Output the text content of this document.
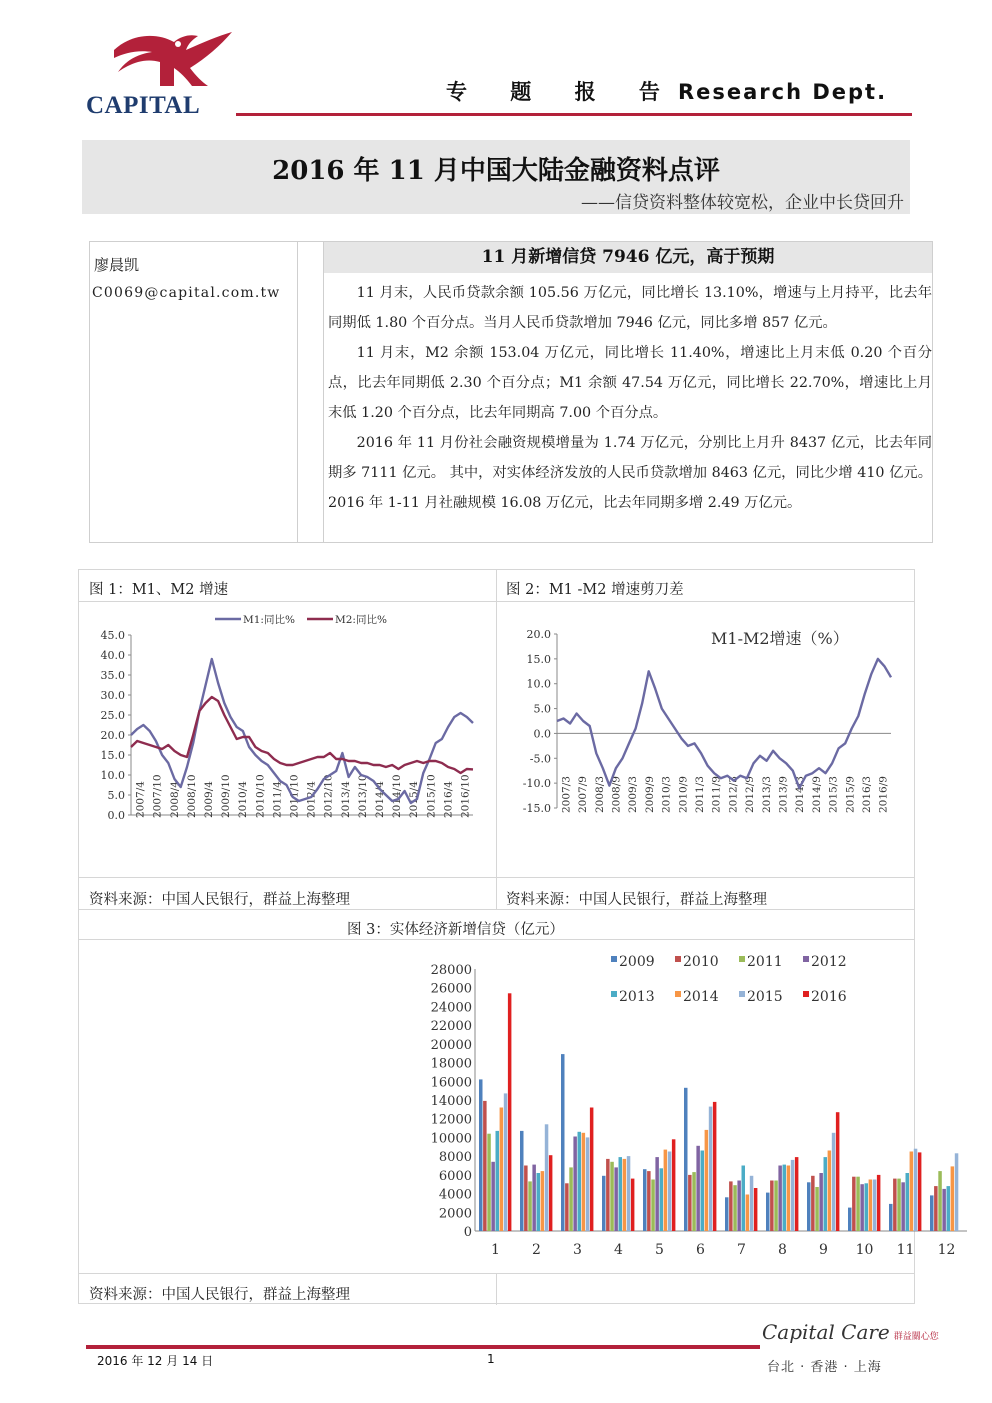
CAPITAL	专 题 报 告Research Dept.
2016 年 11 月中国大陆金融资料点评
——信贷资料整体较宽松，企业中长贷回升
廖晨凯
C0069@capital.com.tw
11 月新增信贷 7946 亿元，高于预期

11 月末，人民币贷款余额 105.56 万亿元，同比增长 13.10%，增速与上月持平，比去年同期低 1.80 个百分点。当月人民币贷款增加 7946 亿元，同比多增 857 亿元。

11 月末，M2 余额 153.04 万亿元，同比增长 11.40%，增速比上月末低 0.20 个百分点，比去年同期低 2.30 个百分点；M1 余额 47.54 万亿元，同比增长 22.70%，增速比上月末低 1.20 个百分点，比去年同期高 7.00 个百分点。

2016 年 11 月份社会融资规模增量为 1.74 万亿元，分别比上月升 8437 亿元，比去年同期多 7111 亿元。 其中，对实体经济发放的人民币贷款增加 8463 亿元，同比少增 410 亿元。2016 年 1-11 月社融规模 16.08 万亿元，比去年同期多增 2.49 万亿元。

图 1：M1、M2 增速	图 2：M1 -M2 增速剪刀差
资料来源：中国人民银行，群益上海整理	资料来源：中国人民银行，群益上海整理
图 3：实体经济新增信贷（亿元）
资料来源：中国人民银行，群益上海整理
45.0
40.0
35.0
30.0
25.0
20.0
15.0
10.0
5.0
0.0 2007/4 2007/10 2008/4 2008/10 2009/4 2009/10 2010/4 2010/10 2011/4 2011/10 2012/4 2012/10 2013/4 2013/10 2014/4 2014/10 2015/4 2015/10 2016/4 2016/10
M1:同比%	M2:同比%
20.0
15.0
10.0
5.0
0.0
-5.0
-10.0
-15.0 2007/3 2007/9 2008/3 2008/9 2009/3 2009/9 2010/3 2010/9 2011/3 2011/9 2012/3 2012/9 2013/3 2013/9 2014/3 2014/9 2015/3 2015/9 2016/3 2016/9
M1-M2增速（%）
28000
26000
24000
22000
20000
18000
16000
14000
12000
10000
8000
6000
4000
2000
0
1 2 3 4 5 6 7 8 9 10 11 12
2009 2010 2011 2012
2013 2014 2015 2016
2016 年 12 月 14 日	1
Capital Care 群益關心您
台北 · 香港 · 上海
